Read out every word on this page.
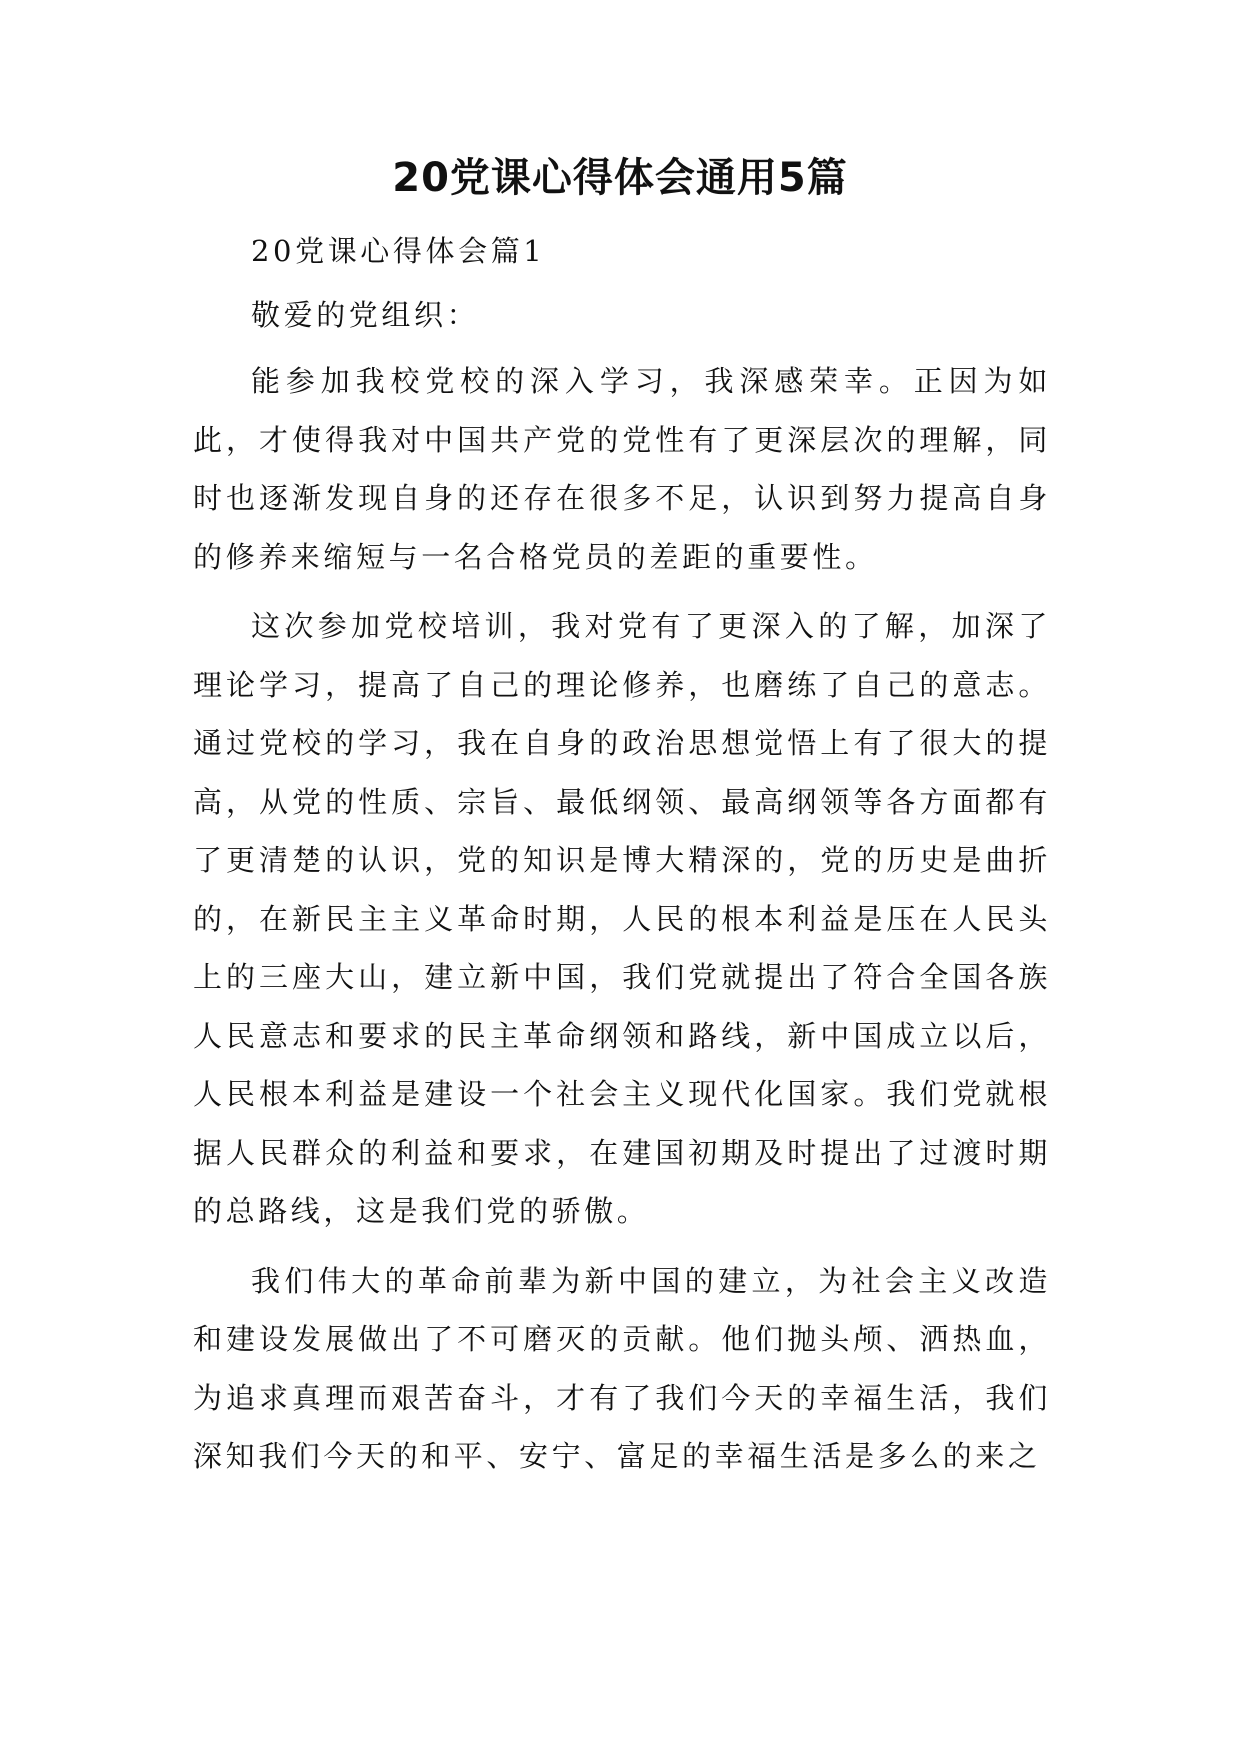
20党课心得体会通用5篇

20党课心得体会篇1

敬爱的党组织：

能参加我校党校的深入学习，我深感荣幸。正因为如此，才使得我对中国共产党的党性有了更深层次的理解，同时也逐渐发现自身的还存在很多不足，认识到努力提高自身的修养来缩短与一名合格党员的差距的重要性。

这次参加党校培训，我对党有了更深入的了解，加深了理论学习，提高了自己的理论修养，也磨练了自己的意志。通过党校的学习，我在自身的政治思想觉悟上有了很大的提高，从党的性质、宗旨、最低纲领、最高纲领等各方面都有了更清楚的认识，党的知识是博大精深的，党的历史是曲折的，在新民主主义革命时期，人民的根本利益是压在人民头上的三座大山，建立新中国，我们党就提出了符合全国各族人民意志和要求的民主革命纲领和路线，新中国成立以后，人民根本利益是建设一个社会主义现代化国家。我们党就根据人民群众的利益和要求，在建国初期及时提出了过渡时期的总路线，这是我们党的骄傲。

我们伟大的革命前辈为新中国的建立，为社会主义改造和建设发展做出了不可磨灭的贡献。他们抛头颅、洒热血，为追求真理而艰苦奋斗，才有了我们今天的幸福生活，我们深知我们今天的和平、安宁、富足的幸福生活是多么的来之
